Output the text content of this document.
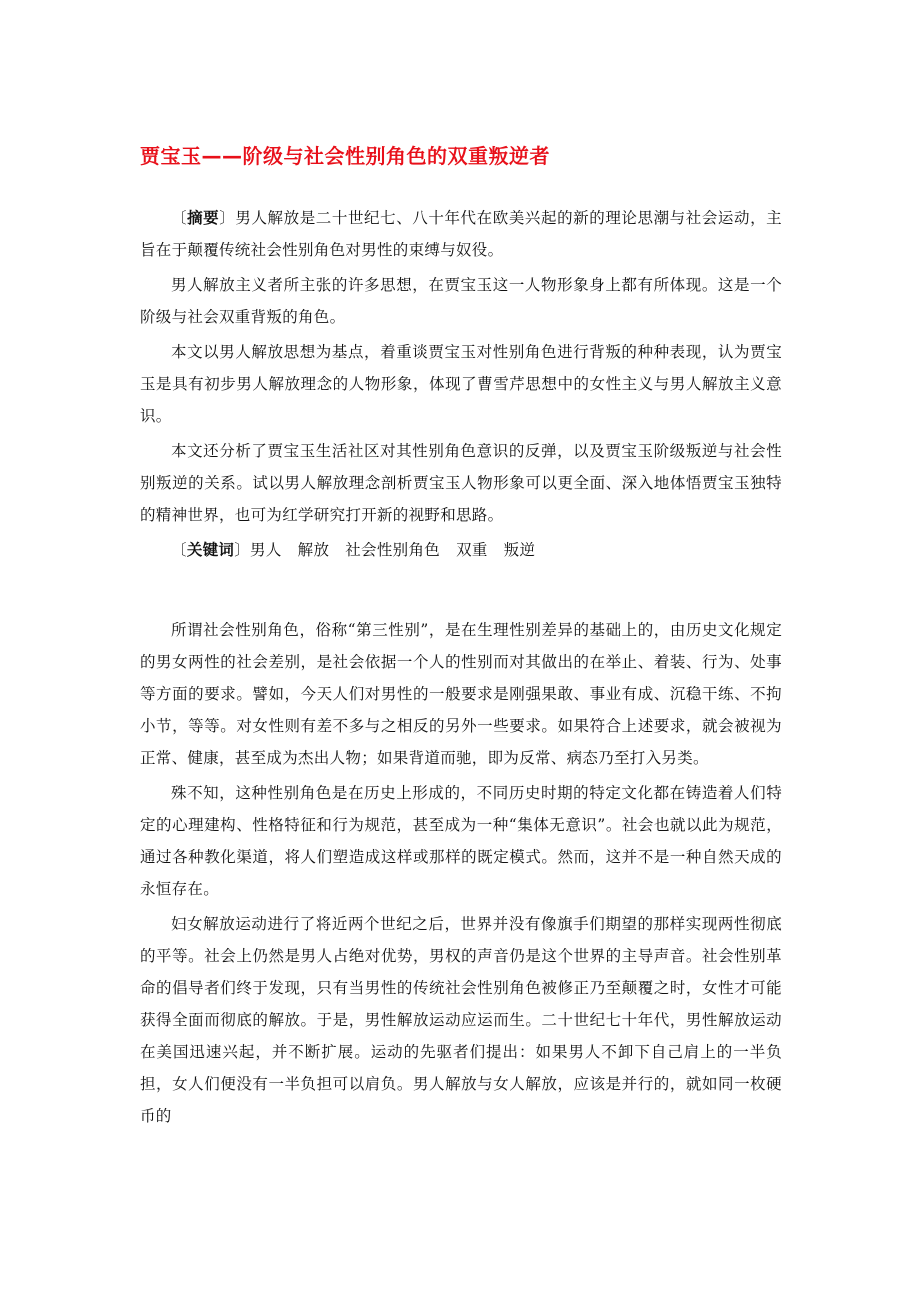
贾宝玉——阶级与社会性别角色的双重叛逆者

〔摘要〕男人解放是二十世纪七、八十年代在欧美兴起的新的理论思潮与社会运动，主旨在于颠覆传统社会性别角色对男性的束缚与奴役。

男人解放主义者所主张的许多思想，在贾宝玉这一人物形象身上都有所体现。这是一个阶级与社会双重背叛的角色。

本文以男人解放思想为基点，着重谈贾宝玉对性别角色进行背叛的种种表现，认为贾宝玉是具有初步男人解放理念的人物形象，体现了曹雪芹思想中的女性主义与男人解放主义意识。

本文还分析了贾宝玉生活社区对其性别角色意识的反弹，以及贾宝玉阶级叛逆与社会性别叛逆的关系。试以男人解放理念剖析贾宝玉人物形象可以更全面、深入地体悟贾宝玉独特的精神世界，也可为红学研究打开新的视野和思路。

〔关键词〕男人 解放 社会性别角色 双重 叛逆

所谓社会性别角色，俗称“第三性别”，是在生理性别差异的基础上的，由历史文化规定的男女两性的社会差别，是社会依据一个人的性别而对其做出的在举止、着装、行为、处事等方面的要求。譬如，今天人们对男性的一般要求是刚强果敢、事业有成、沉稳干练、不拘小节，等等。对女性则有差不多与之相反的另外一些要求。如果符合上述要求，就会被视为正常、健康，甚至成为杰出人物；如果背道而驰，即为反常、病态乃至打入另类。

殊不知，这种性别角色是在历史上形成的，不同历史时期的特定文化都在铸造着人们特定的心理建构、性格特征和行为规范，甚至成为一种“集体无意识”。社会也就以此为规范，通过各种教化渠道，将人们塑造成这样或那样的既定模式。然而，这并不是一种自然天成的永恒存在。

妇女解放运动进行了将近两个世纪之后，世界并没有像旗手们期望的那样实现两性彻底的平等。社会上仍然是男人占绝对优势，男权的声音仍是这个世界的主导声音。社会性别革命的倡导者们终于发现，只有当男性的传统社会性别角色被修正乃至颠覆之时，女性才可能获得全面而彻底的解放。于是，男性解放运动应运而生。二十世纪七十年代，男性解放运动在美国迅速兴起，并不断扩展。运动的先驱者们提出：如果男人不卸下自己肩上的一半负担，女人们便没有一半负担可以肩负。男人解放与女人解放，应该是并行的，就如同一枚硬币的
